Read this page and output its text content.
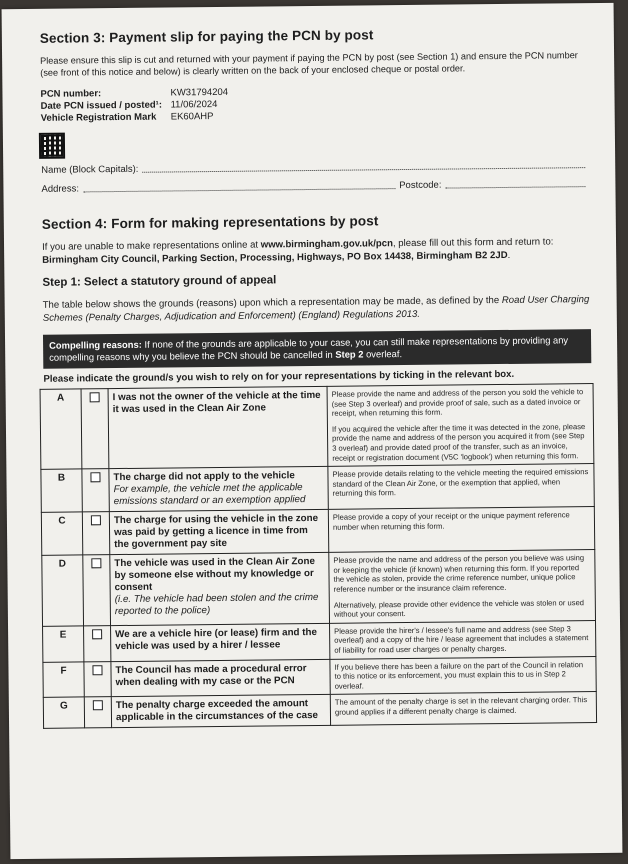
Section 3: Payment slip for paying the PCN by post

Please ensure this slip is cut and returned with your payment if paying the PCN by post (see Section 1) and ensure the PCN number (see front of this notice and below) is clearly written on the back of your enclosed cheque or postal order.

PCN number:	KW31794204
Date PCN issued / posted¹: 11/06/2024
Vehicle Registration Mark	EK60AHP
Name (Block Capitals):
Address:	Postcode:
Section 4: Form for making representations by post

If you are unable to make representations online at www.birmingham.gov.uk/pcn, please fill out this form and return to: Birmingham City Council, Parking Section, Processing, Highways, PO Box 14438, Birmingham B2 2JD.

Step 1: Select a statutory ground of appeal

The table below shows the grounds (reasons) upon which a representation may be made, as defined by the Road User Charging Schemes (Penalty Charges, Adjudication and Enforcement) (England) Regulations 2013.

Compelling reasons: If none of the grounds are applicable to your case, you can still make representations by providing any compelling reasons why you believe the PCN should be cancelled in Step 2 overleaf.
Please indicate the ground/s you wish to rely on for your representations by ticking in the relevant box.
A		I was not the owner of the vehicle at the time it was used in the Clean Air Zone	Please provide the name and address of the person you sold the vehicle to (see Step 3 overleaf) and provide proof of sale, such as a dated invoice or receipt, when returning this form.
If you acquired the vehicle after the time it was detected in the zone, please provide the name and address of the person you acquired it from (see Step 3 overleaf) and provide dated proof of the transfer, such as an invoice, receipt or registration document (V5C 'logbook') when returning this form.

B		The charge did not apply to the vehicle
For example, the vehicle met the applicable emissions standard or an exemption applied	Please provide details relating to the vehicle meeting the required emissions standard of the Clean Air Zone, or the exemption that applied, when returning this form.
C		The charge for using the vehicle in the zone was paid by getting a licence in time from the government pay site	Please provide a copy of your receipt or the unique payment reference number when returning this form.
D		The vehicle was used in the Clean Air Zone by someone else without my knowledge or consent
(i.e. The vehicle had been stolen and the crime reported to the police)	Please provide the name and address of the person you believe was using or keeping the vehicle (if known) when returning this form. If you reported the vehicle as stolen, provide the crime reference number, unique police reference number or the insurance claim reference.
Alternatively, please provide other evidence the vehicle was stolen or used without your consent.

E		We are a vehicle hire (or lease) firm and the vehicle was used by a hirer / lessee	Please provide the hirer's / lessee's full name and address (see Step 3 overleaf) and a copy of the hire / lease agreement that includes a statement of liability for road user charges or penalty charges.
F		The Council has made a procedural error when dealing with my case or the PCN	If you believe there has been a failure on the part of the Council in relation to this notice or its enforcement, you must explain this to us in Step 2 overleaf.
G		The penalty charge exceeded the amount applicable in the circumstances of the case	The amount of the penalty charge is set in the relevant charging order. This ground applies if a different penalty charge is claimed.
